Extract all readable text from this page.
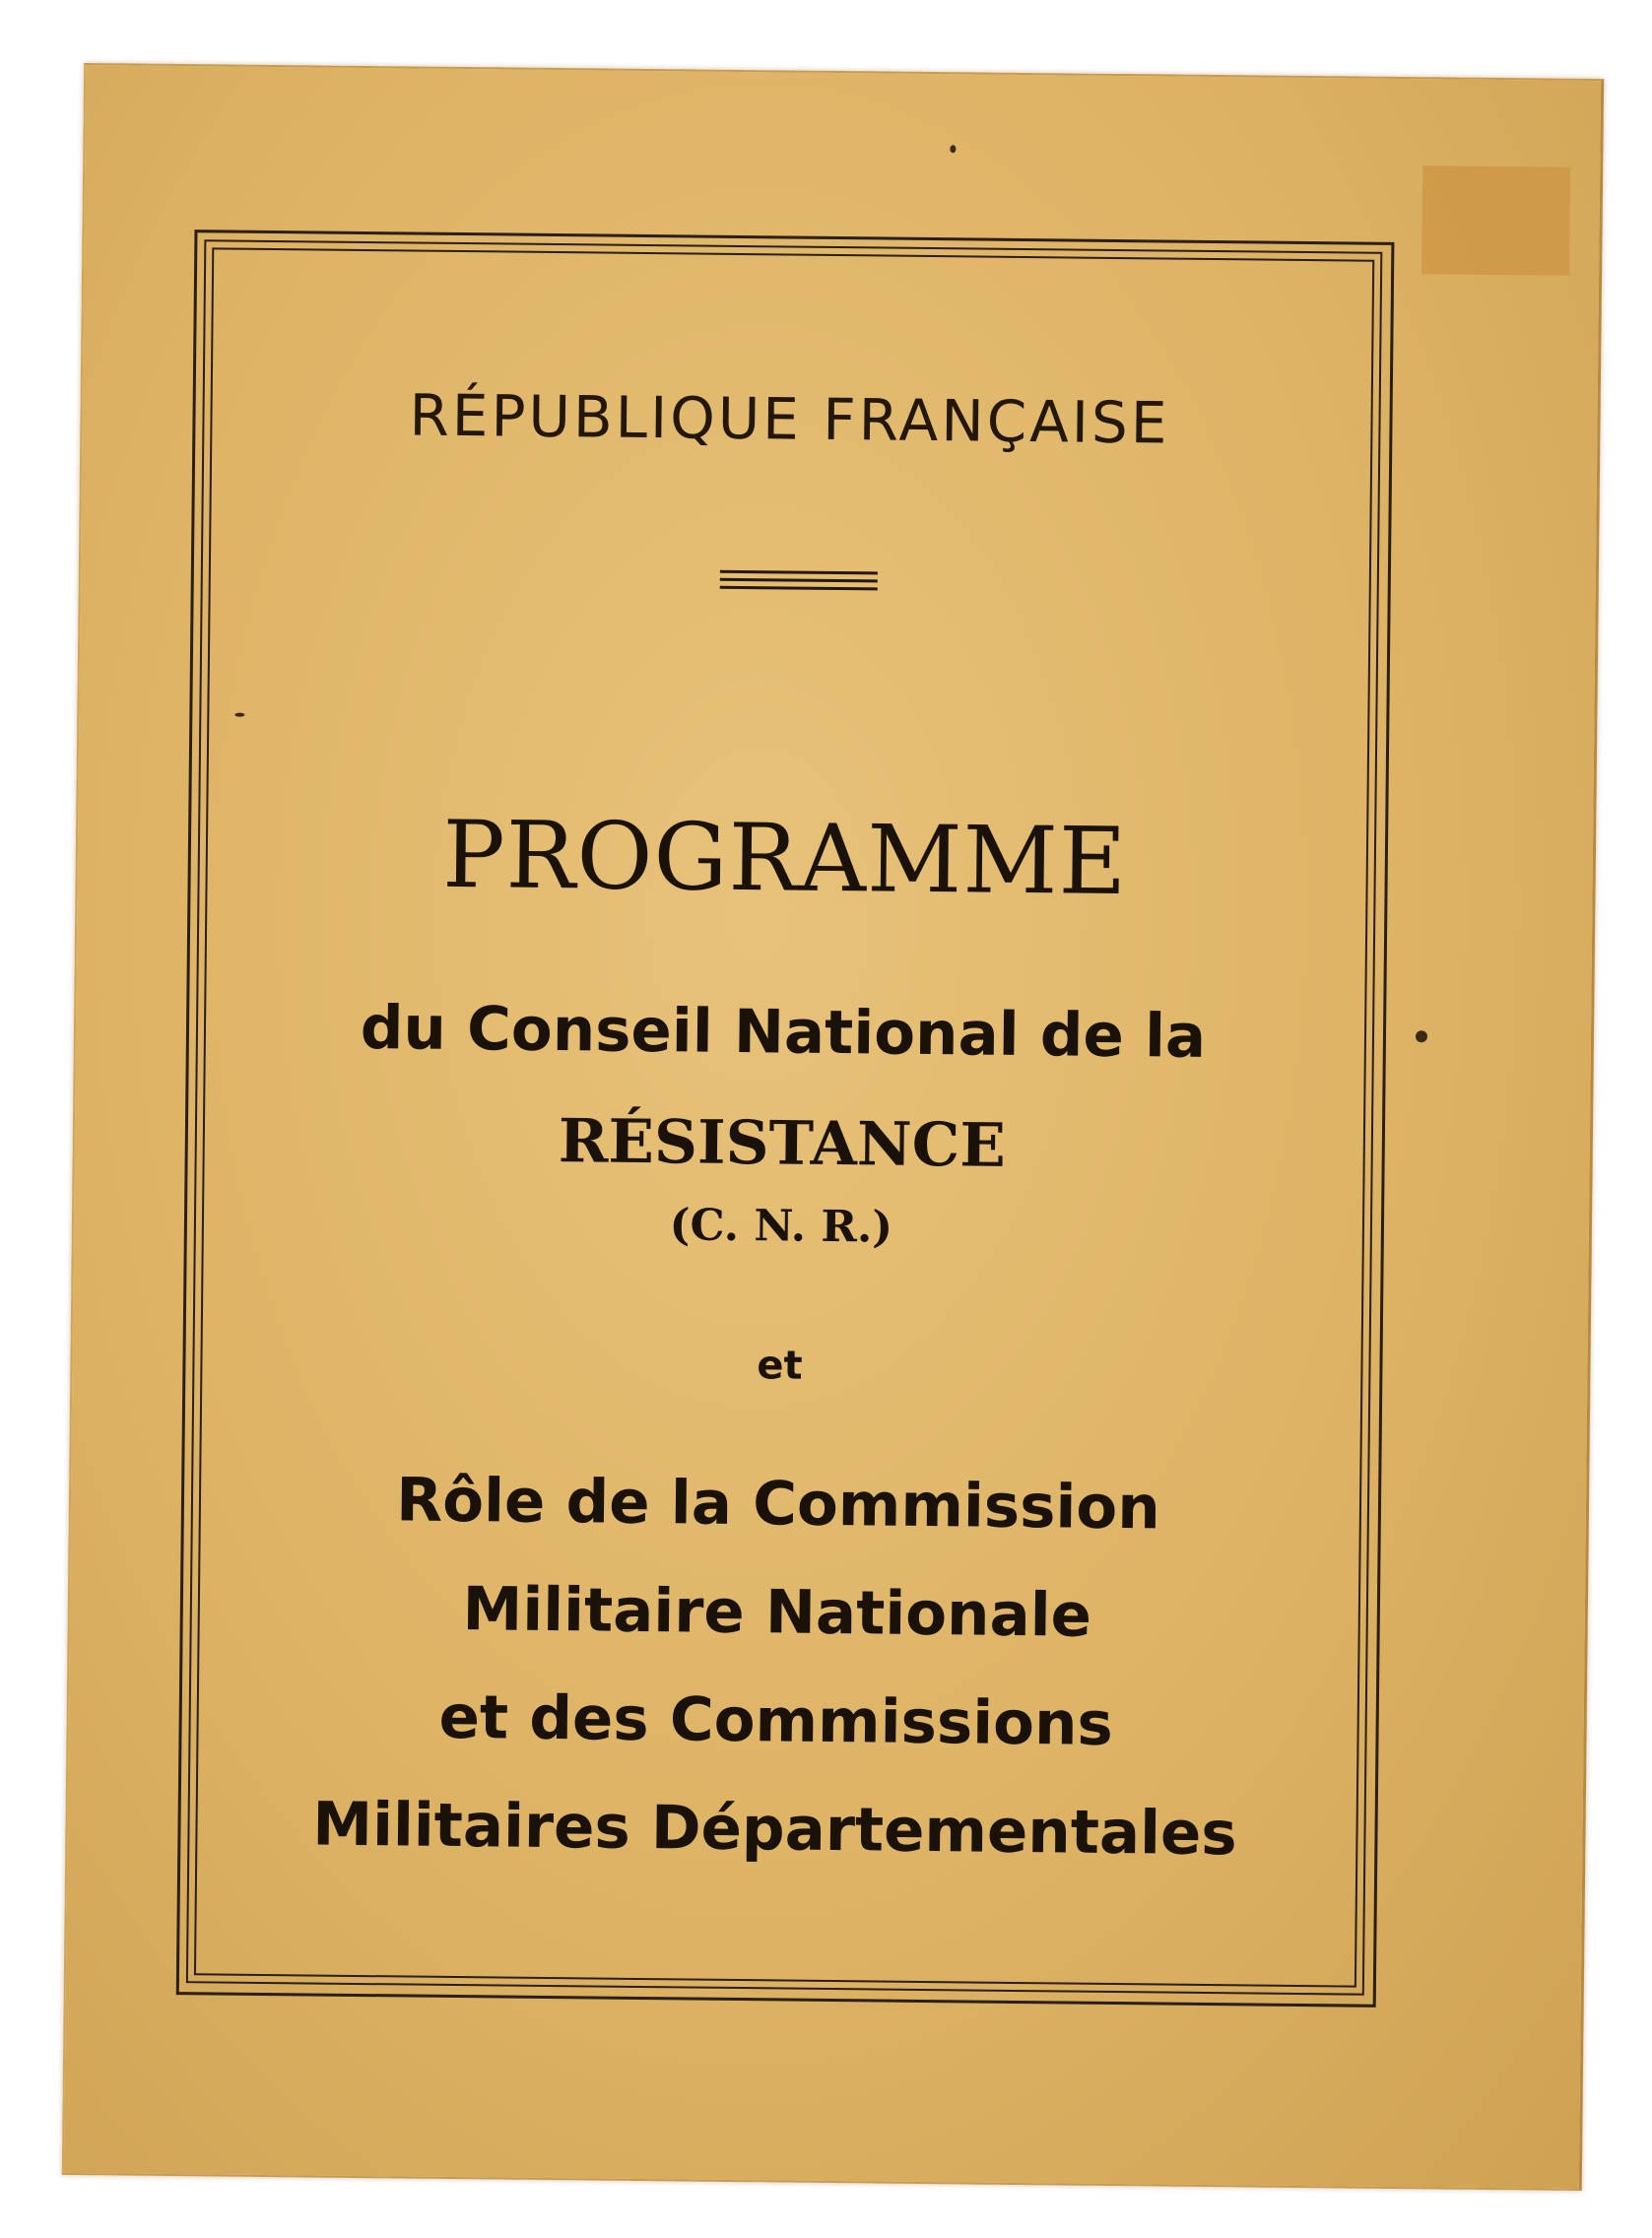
RÉPUBLIQUE FRANÇAISE
PROGRAMME
du Conseil National de la
RÉSISTANCE
(C. N. R.)
et
Rôle de la Commission
Militaire Nationale
et des Commissions
Militaires Départementales
